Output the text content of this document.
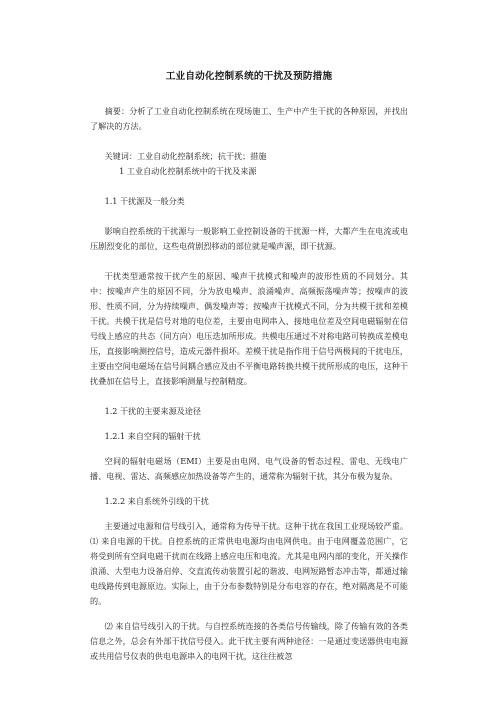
工业自动化控制系统的干扰及预防措施

摘要：分析了工业自动化控制系统在现场施工、生产中产生干扰的各种原因，并找出了解决的方法。

关键词：工业自动化控制系统；抗干扰；措施

1 工业自动化控制系统中的干扰及来源

1.1 干扰源及一般分类

影响自控系统的干扰源与一般影响工业控制设备的干扰源一样，大都产生在电流或电压剧烈变化的部位，这些电荷剧烈移动的部位就是噪声源，即干扰源。

干扰类型通常按干扰产生的原因、噪声干扰模式和噪声的波形性质的不同划分。其中：按噪声产生的原因不同，分为放电噪声、浪涌噪声、高频振荡噪声等；按噪声的波形、性质不同，分为持续噪声、偶发噪声等；按噪声干扰模式不同，分为共模干扰和差模干扰。共模干扰是信号对地的电位差，主要由电网串入、接地电位差及空间电磁辐射在信号线上感应的共态（同方向）电压迭加所形成。共模电压通过不对称电路可转换成差模电压，直接影响测控信号，造成元器件损坏。差模干扰是指作用于信号两极间的干扰电压，主要由空间电磁场在信号间耦合感应及由不平衡电路转换共模干扰所形成的电压，这种干扰叠加在信号上，直接影响测量与控制精度。

1.2 干扰的主要来源及途径

1.2.1 来自空间的辐射干扰

空间的辐射电磁场（EMI）主要是由电网、电气设备的暂态过程、雷电、无线电广播、电视、雷达、高频感应加热设备等产生的，通常称为辐射干扰，其分布极为复杂。

1.2.2 来自系统外引线的干扰

主要通过电源和信号线引入，通常称为传导干扰。这种干扰在我国工业现场较严重。⑴ 来自电源的干扰。自控系统的正常供电电源均由电网供电。由于电网覆盖范围广，它将受到所有空间电磁干扰而在线路上感应电压和电流。尤其是电网内部的变化，开关操作浪涌、大型电力设备启停、交直流传动装置引起的谐波、电网短路暂态冲击等，都通过输电线路传到电源原边。实际上，由于分布参数特别是分布电容的存在，绝对隔离是不可能的。

⑵ 来自信号线引入的干扰。与自控系统连接的各类信号传输线，除了传输有效的各类信息之外，总会有外部干扰信号侵入。此干扰主要有两种途径：一是通过变送器供电电源或共用信号仪表的供电电源串入的电网干扰，这往往被忽
